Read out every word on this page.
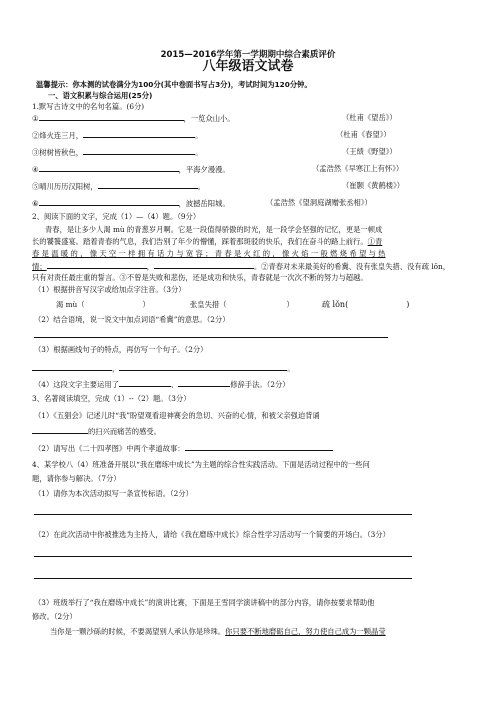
2015—2016学年第一学期期中综合素质评价
八年级语文试卷
温馨提示：你本测的试卷满分为100分(其中卷面书写占3分)，考试时间为120分钟。
一、语文积累与综合运用(25分)
1.默写古诗文中的名句名篇。(6分)
①	，一览众山小。	（杜甫《望岳》）
②烽火连三月，	。	（杜甫《春望》）
③树树皆秋色，	。	（王绩《野望》）
④	，平海夕漫漫。	（孟浩然《早寒江上有怀》）
⑤晴川历历汉阳树，	。	（崔颢《黄鹤楼》）
⑥	，波撼岳阳城。	（孟浩然《望洞庭湖赠张丞相》）
2、阅读下面的文字，完成（1）—（4）题。（9分）
青春，是让多少人渴 mù 的青葱岁月啊。它是一段值得骄傲的时光，是一段学会坚强的记忆，更是一顿成
长的饕餮盛宴。踏着青春的气息，我们告别了年少的懵懂，踩着那斑驳的快乐，我们在奋斗的路上前行。①青
春 是 温 暖 的 ， 像 天 空 一 样 拥 有 话 力 与 宽 容 ； 青 春 是 火 红 的 ， 像 火 焰 一 般 燃 烧 希 望 与 热
情；	，	。②青春对未来最美好的希冀、没有张皇失措、没有疏 lǒn，
只有对责任最庄重的誓言。③不曾是失败和悲伤，还是成功和快乐，青春就是一次次不断的努力与超越。
（1）根据拼音写汉字或给加点字注音。（3分）
渴 mù（	）	张皇失措（	）	疏 lǒn(	)
（2）结合语境，说一说文中加点词语“希冀”的意思。（2分）
（3）根据画线句子的特点，再仿写一个句子。（2分）
，	。
（4）这段文字主要运用了	、	修辞手法。（2分）
3、名著阅读填空，完成（1）--（2）题。（3分）
（1）《五猖会》记述儿时“我”盼望观看迎神赛会的急切、兴奋的心情，和被父亲强迫背诵
的扫兴而痛苦的感受。
（2）请写出《二十四孝图》中两个孝道故事：
4、某学校八（4）班准备开展以“我在磨练中成长”为主题的综合性实践活动。下面是活动过程中的一些问
题，请你参与解决。（7分）
（1）请你为本次活动拟写一条宣传标语。（2分）
（2）在此次活动中你被推选为主持人，请给《我在磨练中成长》综合性学习活动写一个简要的开场白。（3分）
（3）班级举行了“我在磨练中成长”的演讲比赛，下面是王雪同学演讲稿中的部分内容，请你按要求帮助他
修改。（2分）
当你是一颗沙砾的时候，不要渴望别人承认你是珍珠。你只要不断地磨砺自己，努力使自己成为一颗晶莹
